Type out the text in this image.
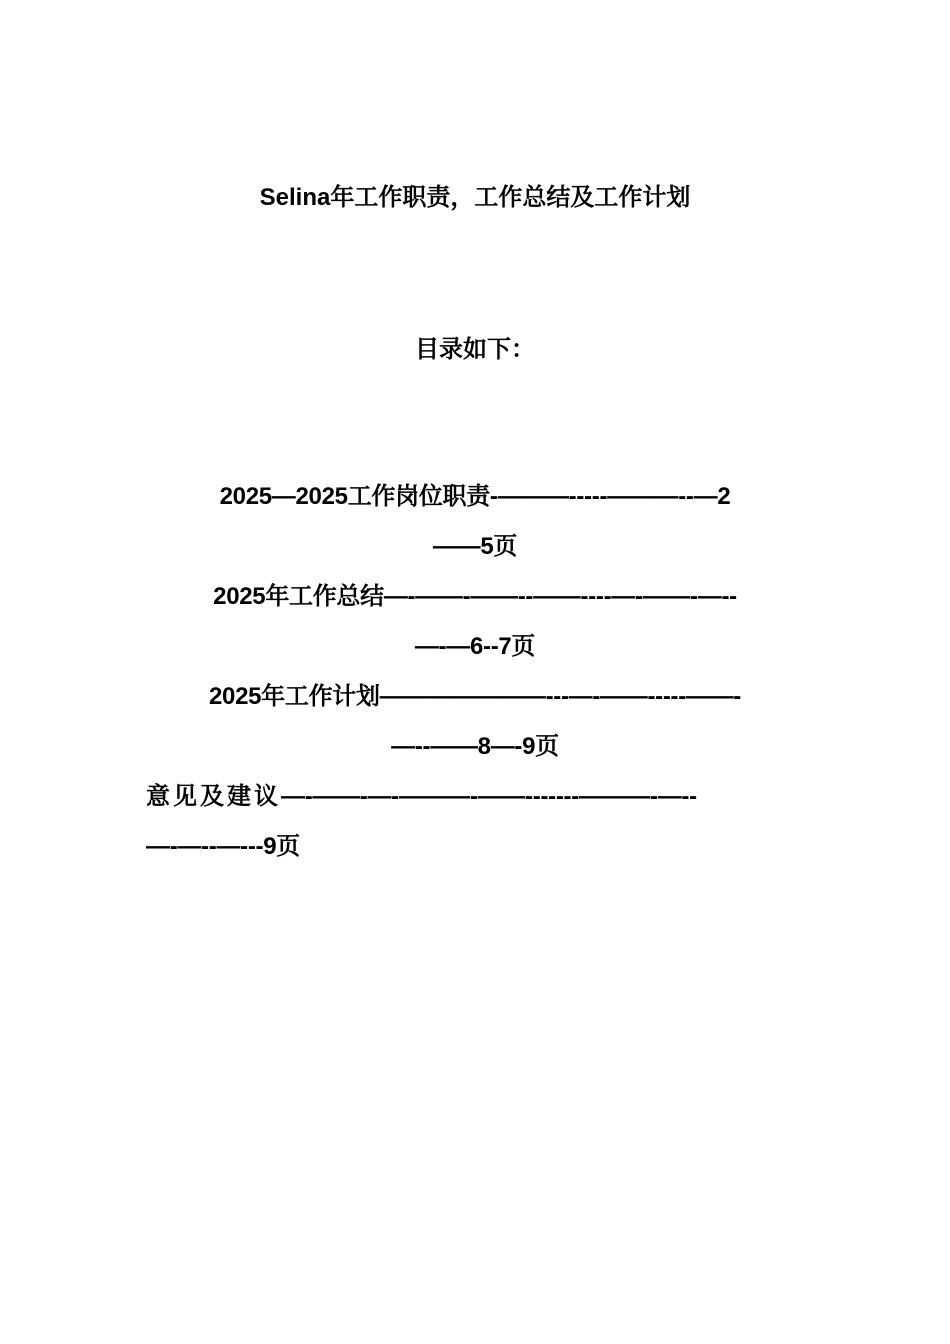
Selina年工作职责，工作总结及工作计划
目录如下：
2025—2025工作岗位职责-———-----———--—2
——5页
2025年工作总结—-——-——--——----—-——-—--
—-—6--7页
2025年工作计划———————---—-——-----——-
—--——8—-9页
意见及建议—-——-—-———-——-------———-—--
—-—--—---9页
